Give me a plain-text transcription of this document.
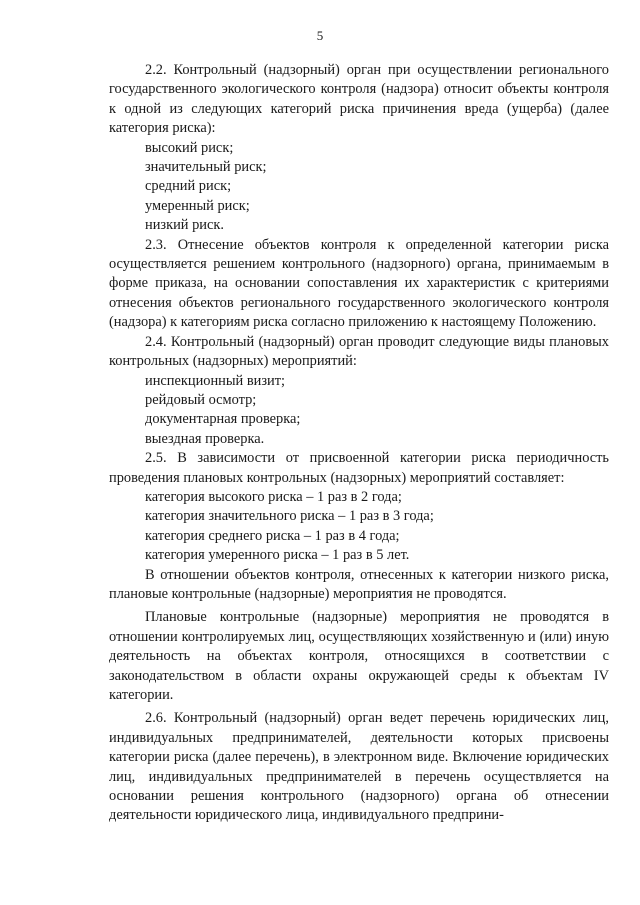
5

2.2. Контрольный (надзорный) орган при осуществлении регионального государственного экологического контроля (надзора) относит объекты контроля к одной из следующих категорий риска причинения вреда (ущерба) (далее категория риска):

высокий риск;

значительный риск;

средний риск;

умеренный риск;

низкий риск.

2.3. Отнесение объектов контроля к определенной категории риска осуществляется решением контрольного (надзорного) органа, принимаемым в форме приказа, на основании сопоставления их характеристик с критериями отнесения объектов регионального государственного экологического контроля (надзора) к категориям риска согласно приложению к настоящему Положению.

2.4. Контрольный (надзорный) орган проводит следующие виды плановых контрольных (надзорных) мероприятий:

инспекционный визит;

рейдовый осмотр;

документарная проверка;

выездная проверка.

2.5. В зависимости от присвоенной категории риска периодичность проведения плановых контрольных (надзорных) мероприятий составляет:

категория высокого риска – 1 раз в 2 года;

категория значительного риска – 1 раз в 3 года;

категория среднего риска – 1 раз в 4 года;

категория умеренного риска – 1 раз в 5 лет.

В отношении объектов контроля, отнесенных к категории низкого риска, плановые контрольные (надзорные) мероприятия не проводятся.

Плановые контрольные (надзорные) мероприятия не проводятся в отношении контролируемых лиц, осуществляющих хозяйственную и (или) иную деятельность на объектах контроля, относящихся в соответствии с законодательством в области охраны окружающей среды к объектам IV категории.

2.6. Контрольный (надзорный) орган ведет перечень юридических лиц, индивидуальных предпринимателей, деятельности которых присвоены категории риска (далее перечень), в электронном виде. Включение юридических лиц, индивидуальных предпринимателей в перечень осуществляется на основании решения контрольного (надзорного) органа об отнесении деятельности юридического лица, индивидуального предприни-
